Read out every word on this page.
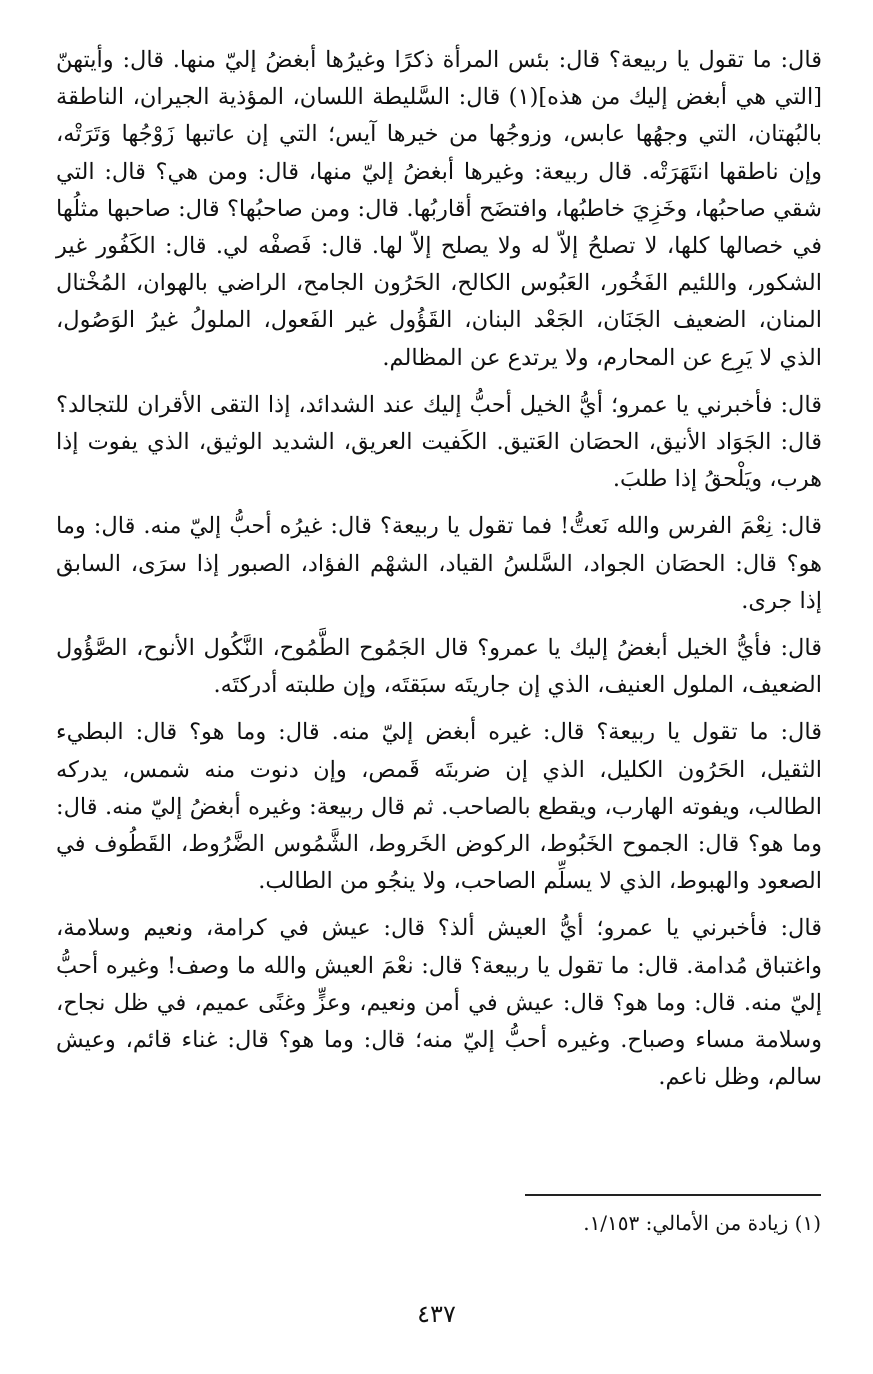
قال: ما تقول يا ربيعة؟ قال: بئس المرأة ذكرًا وغيرُها أبغضُ إليّ منها. قال: وأيتهنّ [التي هي أبغض إليك من هذه](١) قال: السَّليطة اللسان، المؤذية الجيران، الناطقة بالبُهتان، التي وجهُها عابس، وزوجُها من خيرها آيس؛ التي إن عاتبها زَوْجُها وَتَرَتْه، وإن ناطقها انتَهَرَتْه. قال ربيعة: وغيرها أبغضُ إليّ منها، قال: ومن هي؟ قال: التي شقي صاحبُها، وخَزِيَ خاطبُها، وافتضَح أقاربُها. قال: ومن صاحبُها؟ قال: صاحبها مثلُها في خصالها كلها، لا تصلحُ إلاّ له ولا يصلح إلاّ لها. قال: فَصفْه لي. قال: الكَفُور غير الشكور، واللئيم الفَخُور، العَبُوس الكالح، الحَرُون الجامح، الراضي بالهوان، المُخْتال المنان، الضعيف الجَنَان، الجَعْد البنان، القَؤُول غير الفَعول، الملولُ غيرُ الوَصُول، الذي لا يَرِع عن المحارم، ولا يرتدع عن المظالم.

قال: فأخبرني يا عمرو؛ أيُّ الخيل أحبُّ إليك عند الشدائد، إذا التقى الأقران للتجالد؟ قال: الجَوَاد الأنيق، الحصَان العَتيق. الكَفيت العريق، الشديد الوثيق، الذي يفوت إذا هرب، ويَلْحقُ إذا طلبَ.

قال: نِعْمَ الفرس والله نَعتُّ! فما تقول يا ربيعة؟ قال: غيرُه أحبُّ إليّ منه. قال: وما هو؟ قال: الحصَان الجواد، السَّلسُ القياد، الشهْم الفؤاد، الصبور إذا سرَى، السابق إذا جرى.

قال: فأيُّ الخيل أبغضُ إليك يا عمرو؟ قال الجَمُوح الطَّمُوح، النَّكُول الأنوح، الصَّؤُول الضعيف، الملول العنيف، الذي إن جاريتَه سبَقتَه، وإن طلبته أدركتَه.

قال: ما تقول يا ربيعة؟ قال: غيره أبغض إليّ منه. قال: وما هو؟ قال: البطيء الثقيل، الحَرُون الكليل، الذي إن ضربتَه قَمص، وإن دنوت منه شمس، يدركه الطالب، ويفوته الهارب، ويقطع بالصاحب. ثم قال ربيعة: وغيره أبغضُ إليّ منه. قال: وما هو؟ قال: الجموح الخَبُوط، الركوض الخَروط، الشَّمُوس الضَّرُوط، القَطُوف في الصعود والهبوط، الذي لا يسلِّم الصاحب، ولا ينجُو من الطالب.

قال: فأخبرني يا عمرو؛ أيُّ العيش ألذ؟ قال: عيش في كرامة، ونعيم وسلامة، واغتباق مُدامة. قال: ما تقول يا ربيعة؟ قال: نعْمَ العيش والله ما وصف! وغيره أحبُّ إليّ منه. قال: وما هو؟ قال: عيش في أمن ونعيم، وعزٍّ وغنًى عميم، في ظل نجاح، وسلامة مساء وصباح. وغيره أحبُّ إليّ منه؛ قال: وما هو؟ قال: غناء قائم، وعيش سالم، وظل ناعم.

(١) زيادة من الأمالي: ١/١٥٣.
٤٣٧
